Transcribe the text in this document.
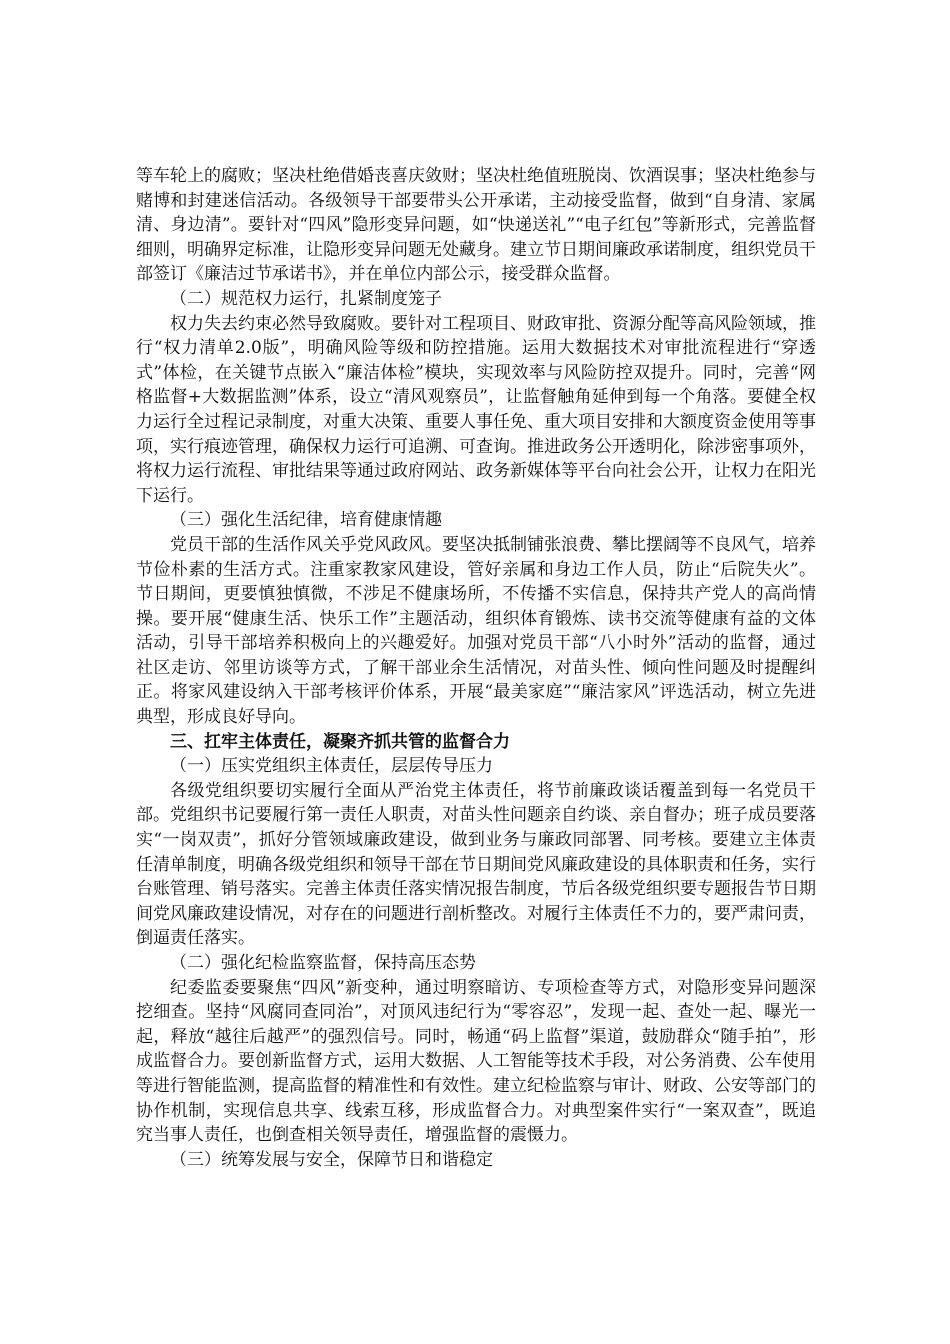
等车轮上的腐败；坚决杜绝借婚丧喜庆敛财；坚决杜绝值班脱岗、饮酒误事；坚决杜绝参与赌博和封建迷信活动。各级领导干部要带头公开承诺，主动接受监督，做到“自身清、家属清、身边清”。要针对“四风”隐形变异问题，如“快递送礼”“电子红包”等新形式，完善监督细则，明确界定标准，让隐形变异问题无处藏身。建立节日期间廉政承诺制度，组织党员干部签订《廉洁过节承诺书》，并在单位内部公示，接受群众监督。

（二）规范权力运行，扎紧制度笼子

权力失去约束必然导致腐败。要针对工程项目、财政审批、资源分配等高风险领域，推行“权力清单2.0版”，明确风险等级和防控措施。运用大数据技术对审批流程进行“穿透式”体检，在关键节点嵌入“廉洁体检”模块，实现效率与风险防控双提升。同时，完善“网格监督+大数据监测”体系，设立“清风观察员”，让监督触角延伸到每一个角落。要健全权力运行全过程记录制度，对重大决策、重要人事任免、重大项目安排和大额度资金使用等事项，实行痕迹管理，确保权力运行可追溯、可查询。推进政务公开透明化，除涉密事项外，将权力运行流程、审批结果等通过政府网站、政务新媒体等平台向社会公开，让权力在阳光下运行。

（三）强化生活纪律，培育健康情趣

党员干部的生活作风关乎党风政风。要坚决抵制铺张浪费、攀比摆阔等不良风气，培养节俭朴素的生活方式。注重家教家风建设，管好亲属和身边工作人员，防止“后院失火”。节日期间，更要慎独慎微，不涉足不健康场所，不传播不实信息，保持共产党人的高尚情操。要开展“健康生活、快乐工作”主题活动，组织体育锻炼、读书交流等健康有益的文体活动，引导干部培养积极向上的兴趣爱好。加强对党员干部“八小时外”活动的监督，通过社区走访、邻里访谈等方式，了解干部业余生活情况，对苗头性、倾向性问题及时提醒纠正。将家风建设纳入干部考核评价体系，开展“最美家庭”“廉洁家风”评选活动，树立先进典型，形成良好导向。

三、扛牢主体责任，凝聚齐抓共管的监督合力

（一）压实党组织主体责任，层层传导压力

各级党组织要切实履行全面从严治党主体责任，将节前廉政谈话覆盖到每一名党员干部。党组织书记要履行第一责任人职责，对苗头性问题亲自约谈、亲自督办；班子成员要落实“一岗双责”，抓好分管领域廉政建设，做到业务与廉政同部署、同考核。要建立主体责任清单制度，明确各级党组织和领导干部在节日期间党风廉政建设的具体职责和任务，实行台账管理、销号落实。完善主体责任落实情况报告制度，节后各级党组织要专题报告节日期间党风廉政建设情况，对存在的问题进行剖析整改。对履行主体责任不力的，要严肃问责，倒逼责任落实。

（二）强化纪检监察监督，保持高压态势

纪委监委要聚焦“四风”新变种，通过明察暗访、专项检查等方式，对隐形变异问题深挖细查。坚持“风腐同查同治”，对顶风违纪行为“零容忍”，发现一起、查处一起、曝光一起，释放“越往后越严”的强烈信号。同时，畅通“码上监督”渠道，鼓励群众“随手拍”，形成监督合力。要创新监督方式，运用大数据、人工智能等技术手段，对公务消费、公车使用等进行智能监测，提高监督的精准性和有效性。建立纪检监察与审计、财政、公安等部门的协作机制，实现信息共享、线索互移，形成监督合力。对典型案件实行“一案双查”，既追究当事人责任，也倒查相关领导责任，增强监督的震慑力。

（三）统筹发展与安全，保障节日和谐稳定
